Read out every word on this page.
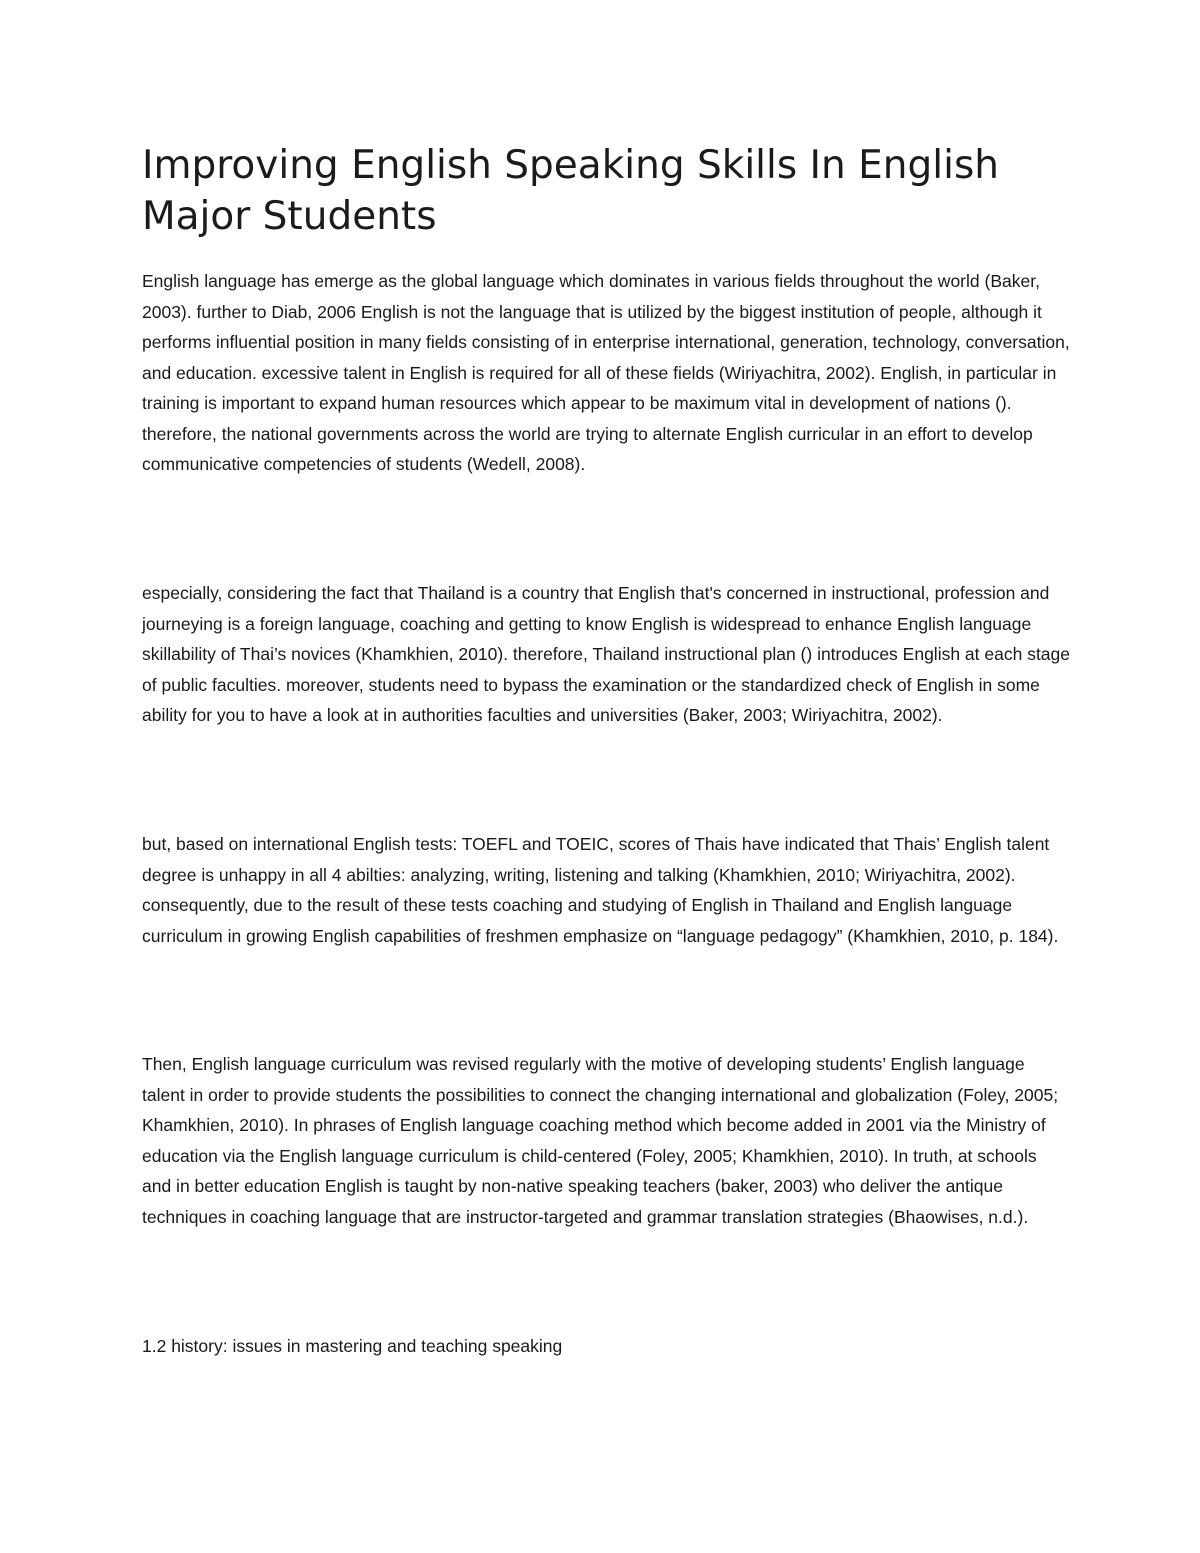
Improving English Speaking Skills In English Major Students

English language has emerge as the global language which dominates in various fields throughout the world (Baker, 2003). further to Diab, 2006 English is not the language that is utilized by the biggest institution of people, although it performs influential position in many fields consisting of in enterprise international, generation, technology, conversation, and education. excessive talent in English is required for all of these fields (Wiriyachitra, 2002). English, in particular in training is important to expand human resources which appear to be maximum vital in development of nations (). therefore, the national governments across the world are trying to alternate English curricular in an effort to develop communicative competencies of students (Wedell, 2008).

especially, considering the fact that Thailand is a country that English that's concerned in instructional, profession and journeying is a foreign language, coaching and getting to know English is widespread to enhance English language skillability of Thai’s novices (Khamkhien, 2010). therefore, Thailand instructional plan () introduces English at each stage of public faculties. moreover, students need to bypass the examination or the standardized check of English in some ability for you to have a look at in authorities faculties and universities (Baker, 2003; Wiriyachitra, 2002).

but, based on international English tests: TOEFL and TOEIC, scores of Thais have indicated that Thais’ English talent degree is unhappy in all 4 abilties: analyzing, writing, listening and talking (Khamkhien, 2010; Wiriyachitra, 2002). consequently, due to the result of these tests coaching and studying of English in Thailand and English language curriculum in growing English capabilities of freshmen emphasize on “language pedagogy” (Khamkhien, 2010, p. 184).

Then, English language curriculum was revised regularly with the motive of developing students’ English language talent in order to provide students the possibilities to connect the changing international and globalization (Foley, 2005; Khamkhien, 2010). In phrases of English language coaching method which become added in 2001 via the Ministry of education via the English language curriculum is child-centered (Foley, 2005; Khamkhien, 2010). In truth, at schools and in better education English is taught by non-native speaking teachers (baker, 2003) who deliver the antique techniques in coaching language that are instructor-targeted and grammar translation strategies (Bhaowises, n.d.).

1.2 history: issues in mastering and teaching speaking
